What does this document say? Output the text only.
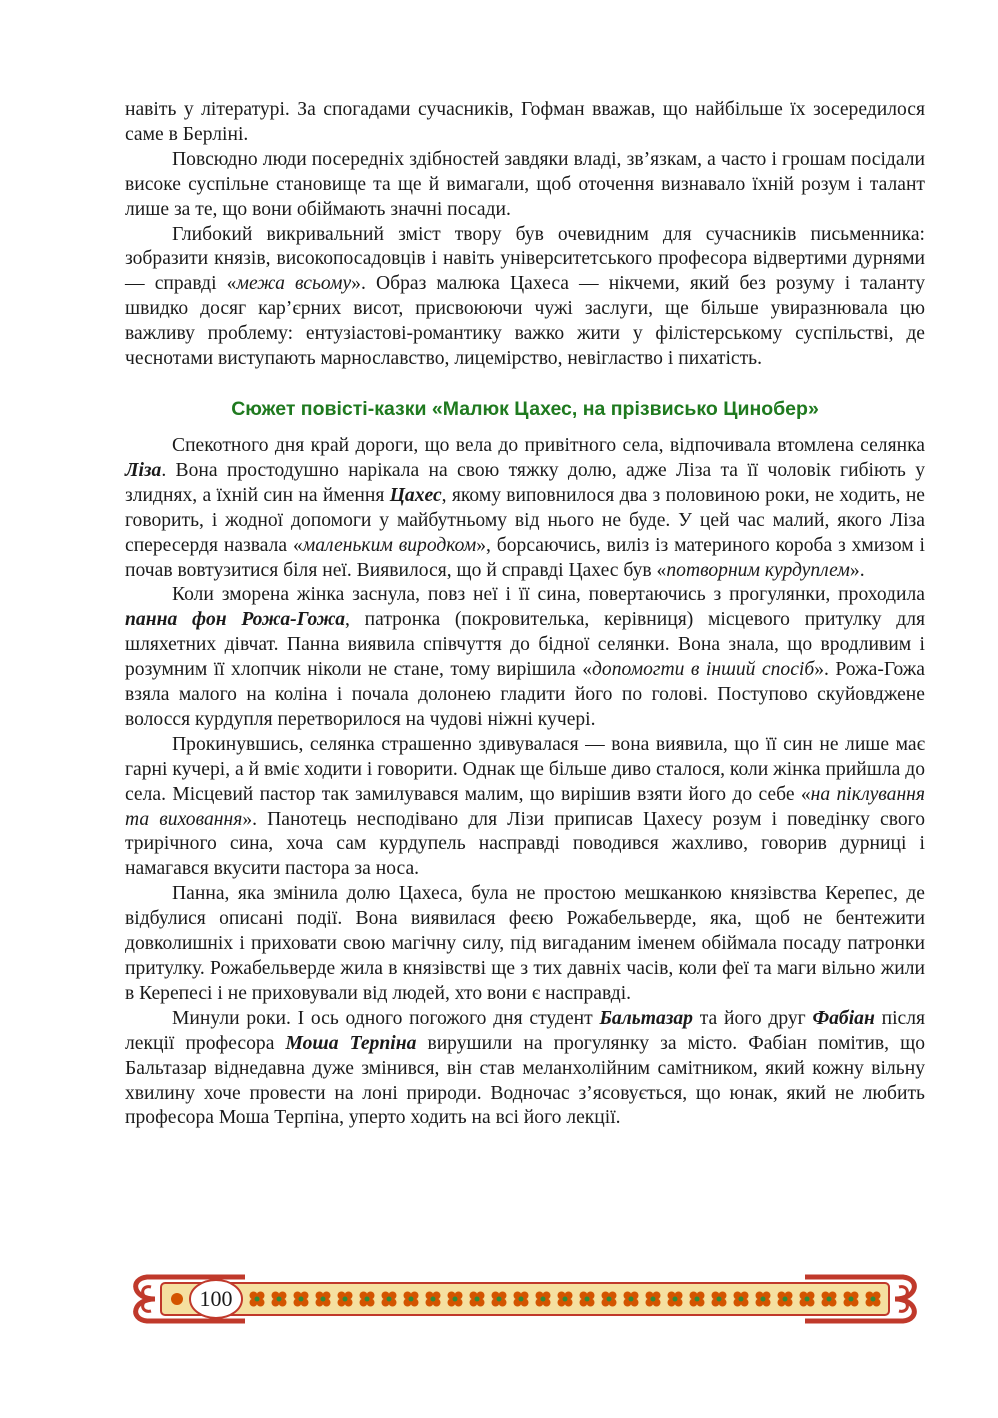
навіть у літературі. За спогадами сучасників, Гофман вважав, що найбільше їх зосередилося саме в Берліні.

Повсюдно люди посередніх здібностей завдяки владі, зв’язкам, а часто і грошам посідали високе суспільне становище та ще й вимагали, щоб оточення визнавало їхній розум і талант лише за те, що вони обіймають значні посади.

Глибокий викривальний зміст твору був очевидним для сучасників письменника: зобразити князів, високопосадовців і навіть університетського професора відвертими дурнями — справді «межа всьому». Образ малюка Цахеса — нікчеми, який без розуму і таланту швидко досяг кар’єрних висот, присвоюючи чужі заслуги, ще більше увиразнювала цю важливу проблему: ентузіастові-романтику важко жити у філістерському суспільстві, де чеснотами виступають марнославство, лицемірство, невігластво і пихатість.

Сюжет повісті-казки «Малюк Цахес, на прізвисько Цинобер»

Спекотного дня край дороги, що вела до привітного села, відпочивала втомлена селянка Ліза. Вона простодушно нарікала на свою тяжку долю, адже Ліза та її чоловік гибіють у злиднях, а їхній син на ймення Цахес, якому виповнилося два з половиною роки, не ходить, не говорить, і жодної допомоги у майбутньому від нього не буде. У цей час малий, якого Ліза спересердя назвала «маленьким виродком», борсаючись, виліз із материного короба з хмизом і почав вовтузитися біля неї. Виявилося, що й справді Цахес був «потворним курдуплем».

Коли зморена жінка заснула, повз неї і її сина, повертаючись з прогулянки, проходила панна фон Рожа-Гожа, патронка (покровителька, керівниця) місцевого притулку для шляхетних дівчат. Панна виявила співчуття до бідної селянки. Вона знала, що вродливим і розумним її хлопчик ніколи не стане, тому вирішила «допомогти в інший спосіб». Рожа-Гожа взяла малого на коліна і почала долонею гладити його по голові. Поступово скуйовджене волосся курдупля перетворилося на чудові ніжні кучері.

Прокинувшись, селянка страшенно здивувалася — вона виявила, що її син не лише має гарні кучері, а й вміє ходити і говорити. Однак ще більше диво сталося, коли жінка прийшла до села. Місцевий пастор так замилувався малим, що вирішив взяти його до себе «на піклування та виховання». Панотець несподівано для Лізи приписав Цахесу розум і поведінку свого трирічного сина, хоча сам курдупель насправді поводився жахливо, говорив дурниці і намагався вкусити пастора за носа.

Панна, яка змінила долю Цахеса, була не простою мешканкою князівства Керепес, де відбулися описані події. Вона виявилася феєю Рожабельверде, яка, щоб не бентежити довколишніх і приховати свою магічну силу, під вигаданим іменем обіймала посаду патронки притулку. Рожабельверде жила в князівстві ще з тих давніх часів, коли феї та маги вільно жили в Керепесі і не приховували від людей, хто вони є насправді.

Минули роки. І ось одного погожого дня студент Бальтазар та його друг Фабіан після лекції професора Моша Терпіна вирушили на прогулянку за місто. Фабіан помітив, що Бальтазар віднедавна дуже змінився, він став меланхолійним самітником, який кожну вільну хвилину хоче провести на лоні природи. Водночас з’ясовується, що юнак, який не любить професора Моша Терпіна, уперто ходить на всі його лекції.

100
